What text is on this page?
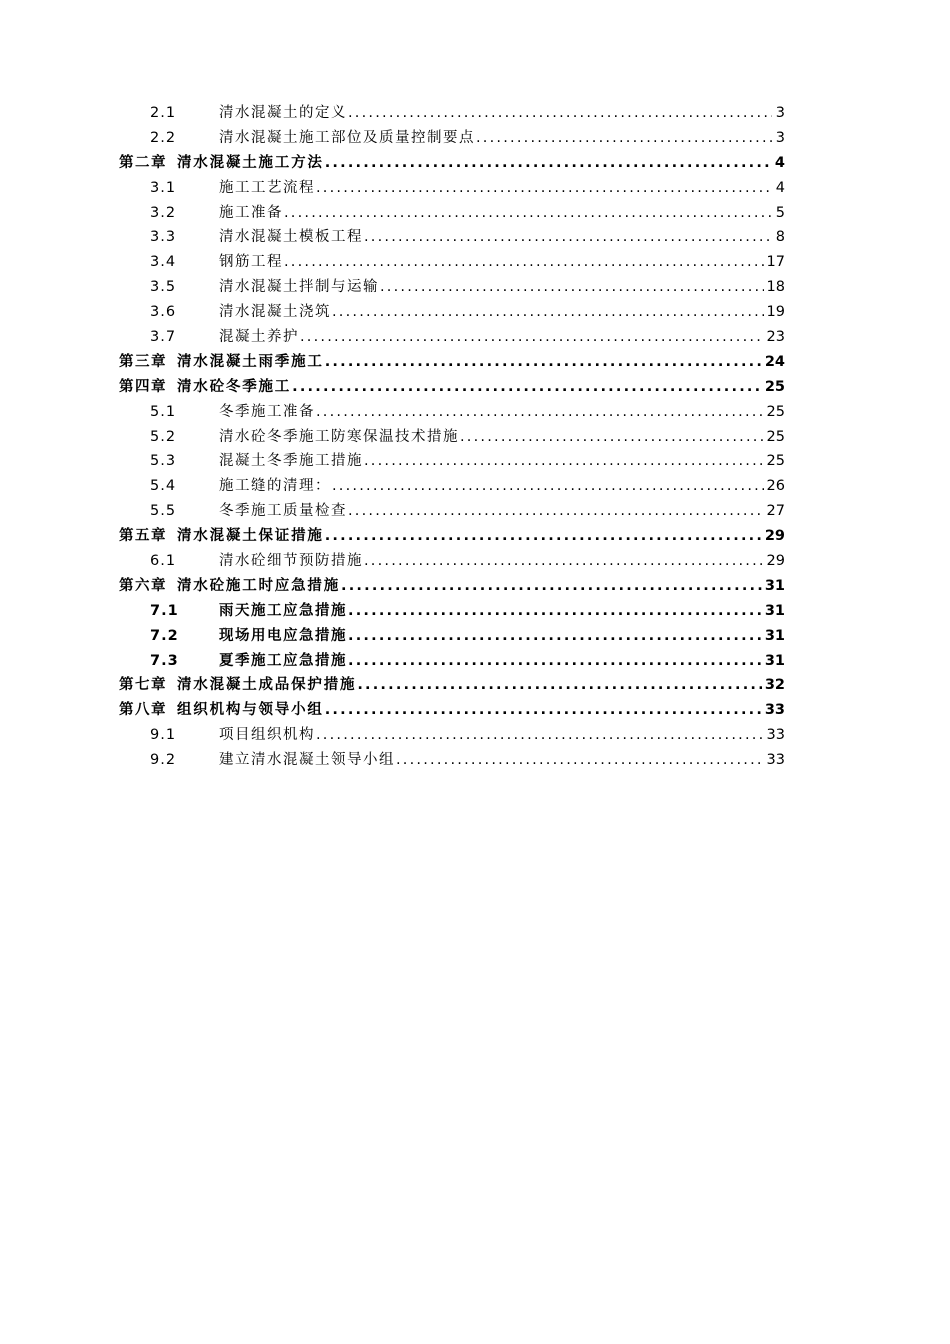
2.1	清水混凝土的定义 .....	3
2.2	清水混凝土施工部位及质量控制要点 .....	3
第二章 清水混凝土施工方法 .....	4
3.1	施工工艺流程 .....	4
3.2	施工准备 .....	5
3.3	清水混凝土模板工程 .....	8
3.4	钢筋工程 .....	17
3.5	清水混凝土拌制与运输 .....	18
3.6	清水混凝土浇筑 .....	19
3.7	混凝土养护 .....	23
第三章 清水混凝土雨季施工 .....	24
第四章 清水砼冬季施工 .....	25
5.1	冬季施工准备 .....	25
5.2	清水砼冬季施工防寒保温技术措施 .....	25
5.3	混凝土冬季施工措施 .....	25
5.4	施工缝的清理： .....	26
5.5	冬季施工质量检查 .....	27
第五章 清水混凝土保证措施 .....	29
6.1	清水砼细节预防措施 .....	29
第六章 清水砼施工时应急措施 .....	31
7.1	雨天施工应急措施 .....	31
7.2	现场用电应急措施 .....	31
7.3	夏季施工应急措施 .....	31
第七章 清水混凝土成品保护措施 .....	32
第八章 组织机构与领导小组 .....	33
9.1	项目组织机构 .....	33
9.2	建立清水混凝土领导小组 .....	33
